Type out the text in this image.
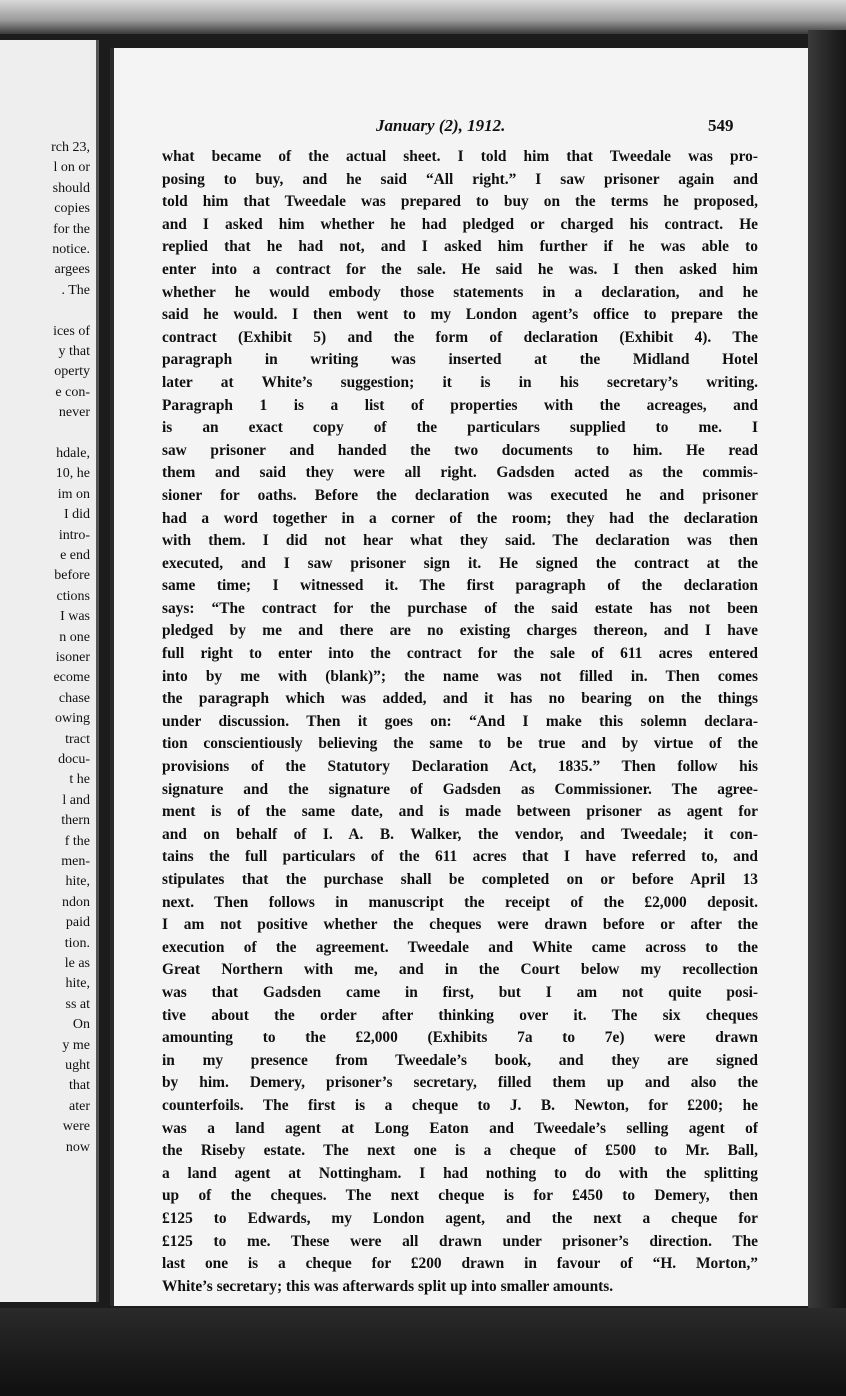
rch 23,
l on or
should
copies
for the
notice.
argees
. The
ices of
y that
operty
e con-
never
hdale,
10, he
im on
I did
intro-
e end
before
ctions
I was
n one
isoner
ecome
chase
owing
tract
docu-
t he
l and
thern
f the
men-
hite,
ndon
paid
tion.
le as
hite,
ss at
On
y me
ught
that
ater
were
now
January (2), 1912.	549
what became of the actual sheet. I told him that Tweedale was pro-
posing to buy, and he said “All right.” I saw prisoner again and
told him that Tweedale was prepared to buy on the terms he proposed,
and I asked him whether he had pledged or charged his contract. He
replied that he had not, and I asked him further if he was able to
enter into a contract for the sale. He said he was. I then asked him
whether he would embody those statements in a declaration, and he
said he would. I then went to my London agent’s office to prepare the
contract (Exhibit 5) and the form of declaration (Exhibit 4). The
paragraph in writing was inserted at the Midland Hotel
later at White’s suggestion; it is in his secretary’s writing.
Paragraph 1 is a list of properties with the acreages, and
is an exact copy of the particulars supplied to me. I
saw prisoner and handed the two documents to him. He read
them and said they were all right. Gadsden acted as the commis-
sioner for oaths. Before the declaration was executed he and prisoner
had a word together in a corner of the room; they had the declaration
with them. I did not hear what they said. The declaration was then
executed, and I saw prisoner sign it. He signed the contract at the
same time; I witnessed it. The first paragraph of the declaration
says: “The contract for the purchase of the said estate has not been
pledged by me and there are no existing charges thereon, and I have
full right to enter into the contract for the sale of 611 acres entered
into by me with (blank)”; the name was not filled in. Then comes
the paragraph which was added, and it has no bearing on the things
under discussion. Then it goes on: “And I make this solemn declara-
tion conscientiously believing the same to be true and by virtue of the
provisions of the Statutory Declaration Act, 1835.” Then follow his
signature and the signature of Gadsden as Commissioner. The agree-
ment is of the same date, and is made between prisoner as agent for
and on behalf of I. A. B. Walker, the vendor, and Tweedale; it con-
tains the full particulars of the 611 acres that I have referred to, and
stipulates that the purchase shall be completed on or before April 13
next. Then follows in manuscript the receipt of the £2,000 deposit.
I am not positive whether the cheques were drawn before or after the
execution of the agreement. Tweedale and White came across to the
Great Northern with me, and in the Court below my recollection
was that Gadsden came in first, but I am not quite posi-
tive about the order after thinking over it. The six cheques
amounting to the £2,000 (Exhibits 7a to 7e) were drawn
in my presence from Tweedale’s book, and they are signed
by him. Demery, prisoner’s secretary, filled them up and also the
counterfoils. The first is a cheque to J. B. Newton, for £200; he
was a land agent at Long Eaton and Tweedale’s selling agent of
the Riseby estate. The next one is a cheque of £500 to Mr. Ball,
a land agent at Nottingham. I had nothing to do with the splitting
up of the cheques. The next cheque is for £450 to Demery, then
£125 to Edwards, my London agent, and the next a cheque for
£125 to me. These were all drawn under prisoner’s direction. The
last one is a cheque for £200 drawn in favour of “H. Morton,”
White’s secretary; this was afterwards split up into smaller amounts.
